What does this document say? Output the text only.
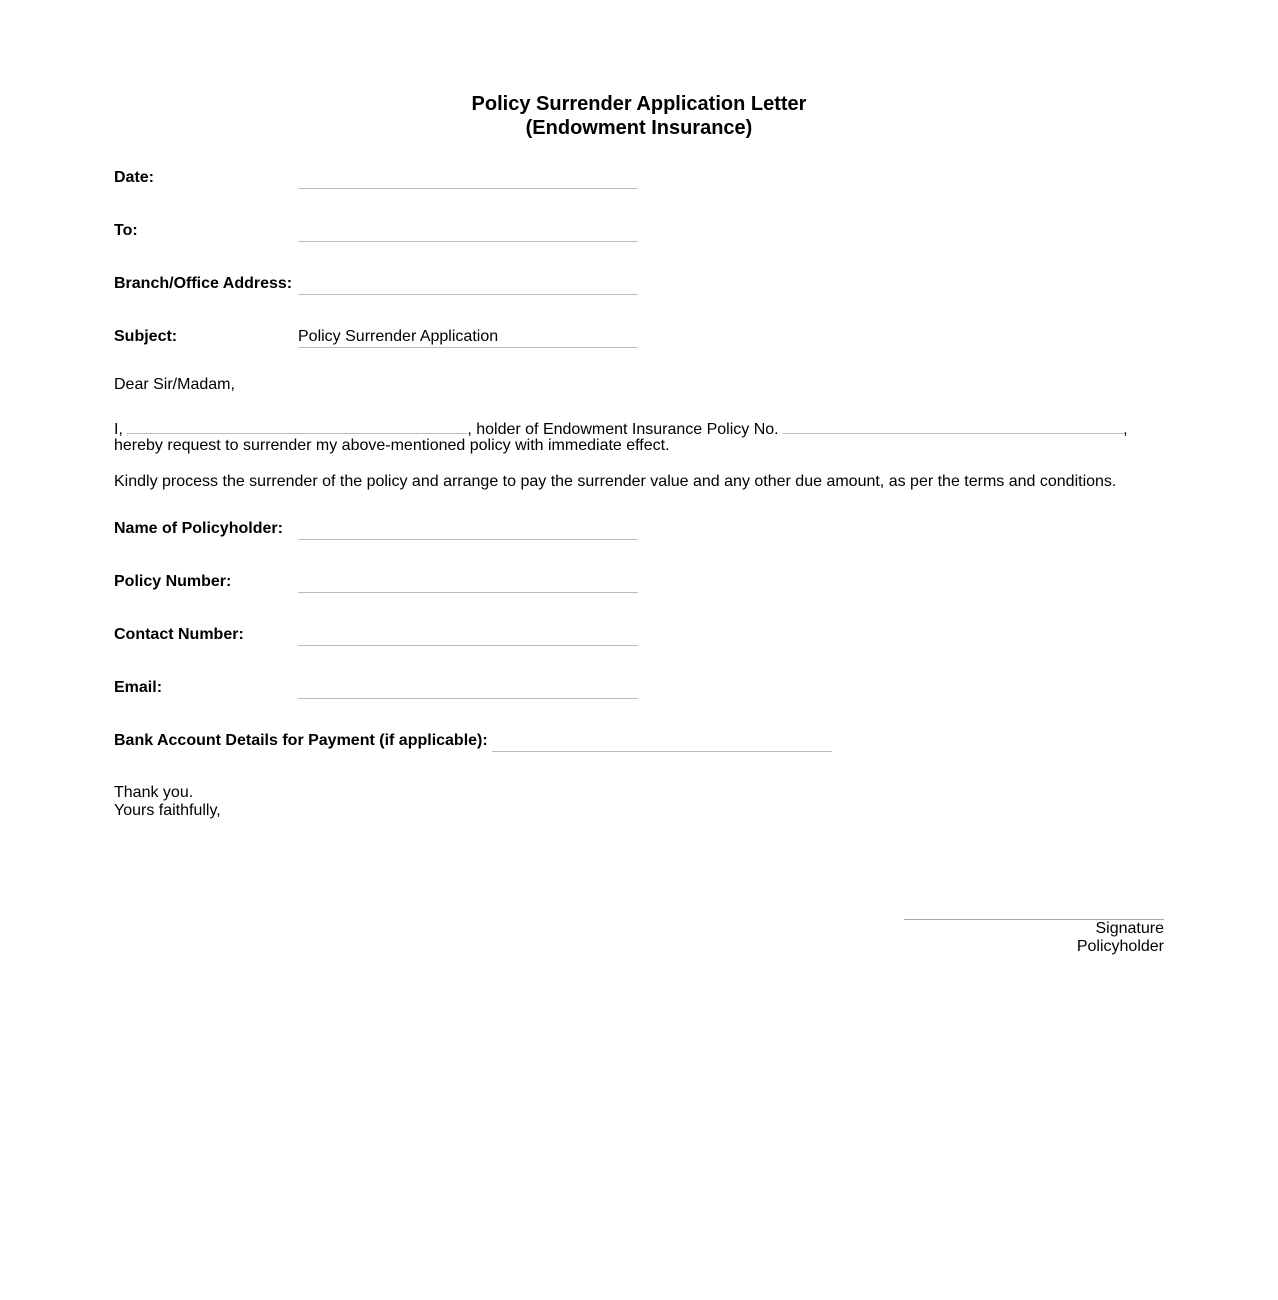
Policy Surrender Application Letter
(Endowment Insurance)
Date:
To:
Branch/Office Address:
Subject:	Policy Surrender Application
Dear Sir/Madam,
I,	, holder of Endowment Insurance Policy No.	,
hereby request to surrender my above-mentioned policy with immediate effect.
Kindly process the surrender of the policy and arrange to pay the surrender value and any other due amount, as per the terms and conditions.
Name of Policyholder:
Policy Number:
Contact Number:
Email:
Bank Account Details for Payment (if applicable):
Thank you.
Yours faithfully,
Signature
Policyholder
